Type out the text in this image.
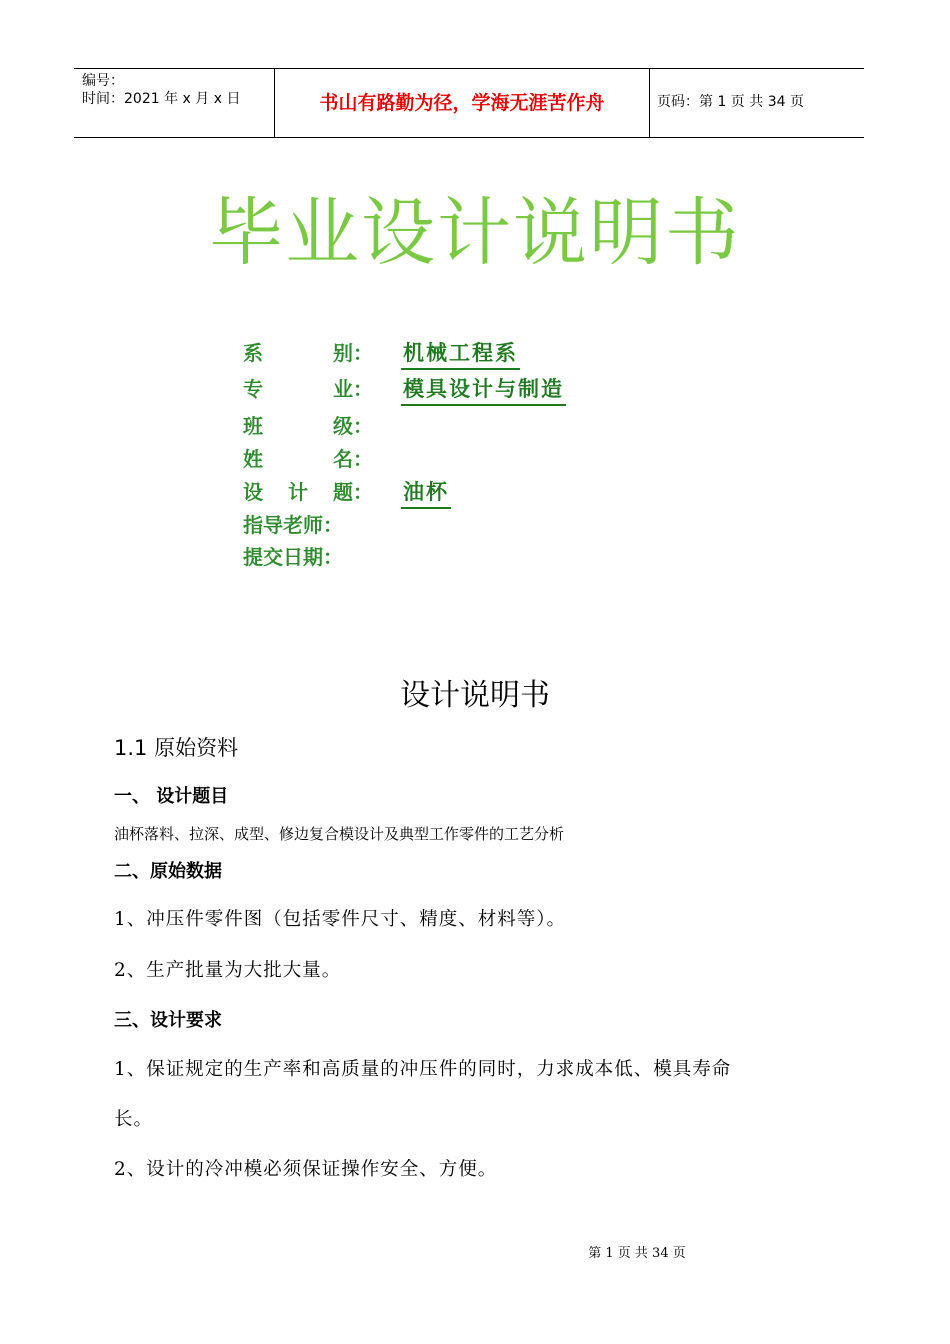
编号：
时间：2021 年 x 月 x 日	书山有路勤为径，学海无涯苦作舟	页码：第 1 页 共 34 页
毕业设计说明书
系	别： 机械工程系
专	业： 模具设计与制造
班	级：
姓	名：
设 计 题： 油杯
指导老师：
提交日期：
设计说明书
1.1 原始资料
一、 设计题目
油杯落料、拉深、成型、修边复合模设计及典型工作零件的工艺分析
二、原始数据
1、冲压件零件图（包括零件尺寸、精度、材料等）。
2、生产批量为大批大量。
三、设计要求
1、保证规定的生产率和高质量的冲压件的同时，力求成本低、模具寿命
长。
2、设计的冷冲模必须保证操作安全、方便。
第 1 页 共 34 页
